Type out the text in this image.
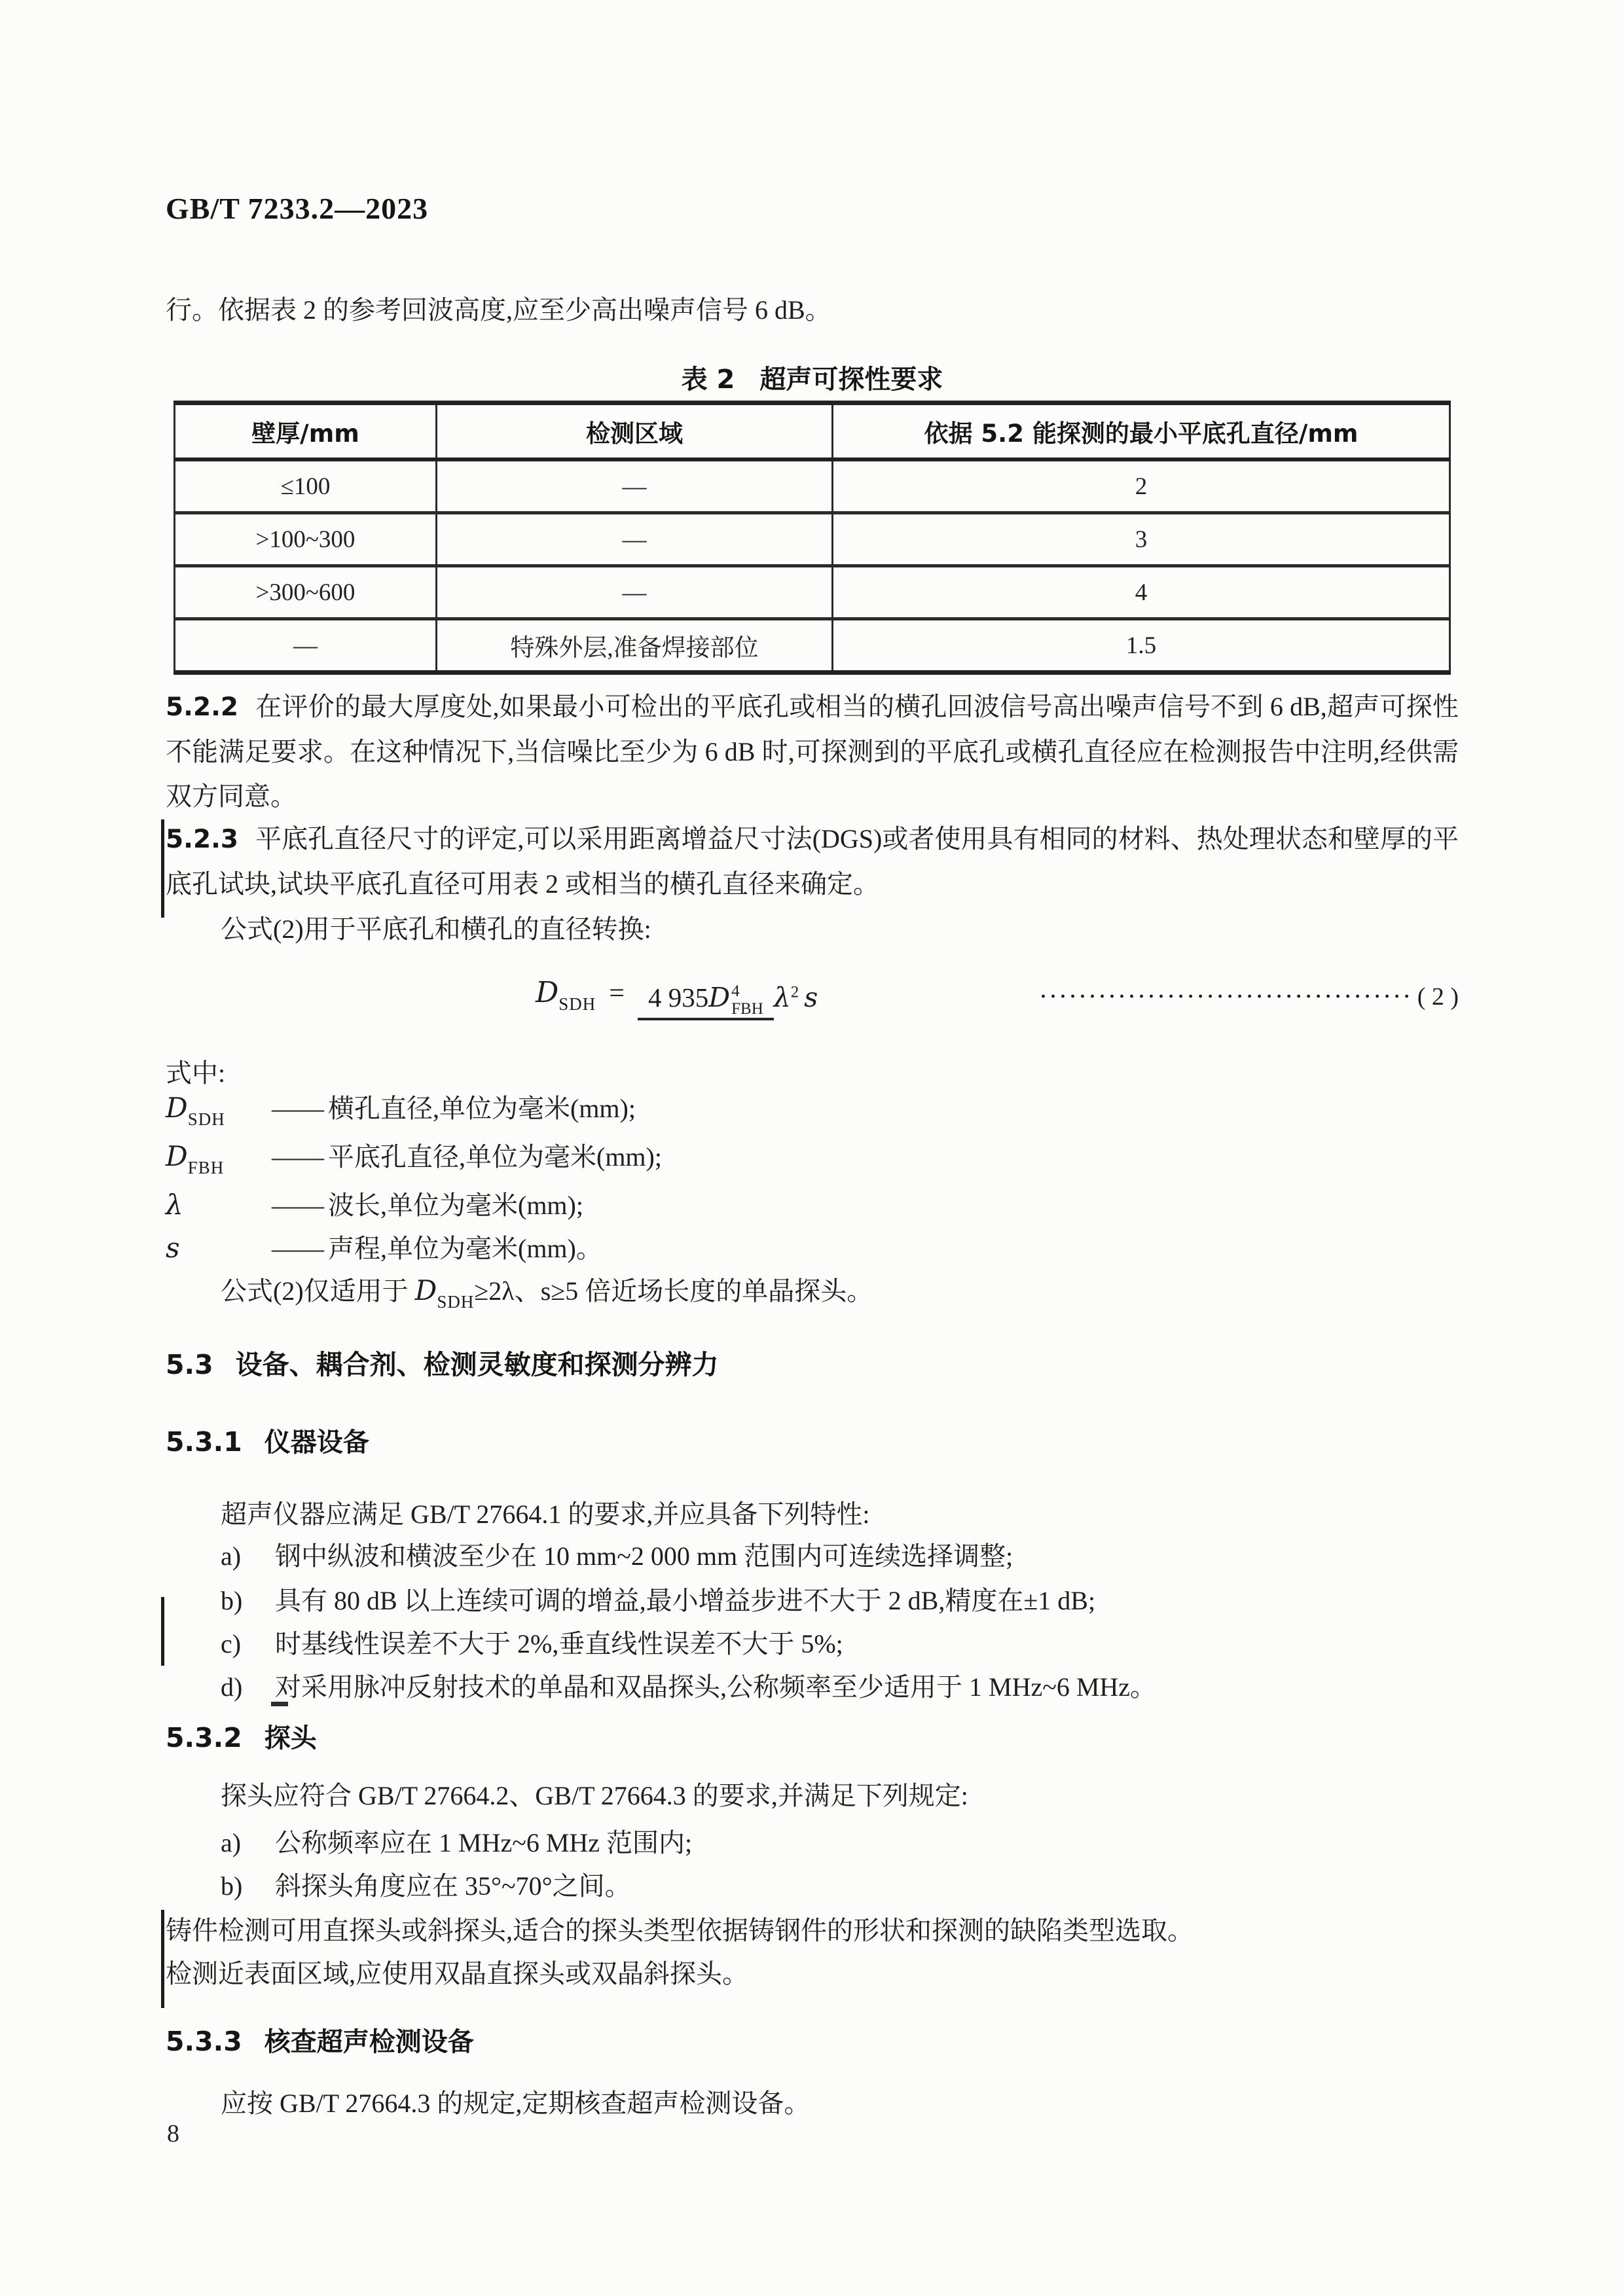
GB/T 7233.2—2023
行。依据表 2 的参考回波高度,应至少高出噪声信号 6 dB。
表 2 超声可探性要求
壁厚/mm	检测区域	依据 5.2 能探测的最小平底孔直径/mm
≤100	—	2
>100~300	—	3
>300~600	—	4
—	特殊外层,准备焊接部位	1.5
5.2.2 在评价的最大厚度处,如果最小可检出的平底孔或相当的横孔回波信号高出噪声信号不到 6 dB,超声可探性不能满足要求。在这种情况下,当信噪比至少为 6 dB 时,可探测到的平底孔或横孔直径应在检测报告中注明,经供需双方同意。
5.2.3 平底孔直径尺寸的评定,可以采用距离增益尺寸法(DGS)或者使用具有相同的材料、热处理状态和壁厚的平底孔试块,试块平底孔直径可用表 2 或相当的横孔直径来确定。
公式(2)用于平底孔和横孔的直径转换:
$D_{SDH} = 4$ 935D 4
FBH $\lambda^2$ s	······································ ( 2 )
式中:
$D_{SDH}$ —— 横孔直径,单位为毫米(mm);
$D_{FBH}$ —— 平底孔直径,单位为毫米(mm);
λ	—— 波长,单位为毫米(mm);
s	—— 声程,单位为毫米(mm)。
公式(2)仅适用于 $D_{SDH}\ge 2\lambda$、s≥5 倍近场长度的单晶探头。
5.3 设备、耦合剂、检测灵敏度和探测分辨力
5.3.1 仪器设备
超声仪器应满足 GB/T 27664.1 的要求,并应具备下列特性:
a) 钢中纵波和横波至少在 10 mm~2 000 mm 范围内可连续选择调整;
b) 具有 80 dB 以上连续可调的增益,最小增益步进不大于 2 dB,精度在±1 dB;
c) 时基线性误差不大于 2%,垂直线性误差不大于 5%;
d) 对采用脉冲反射技术的单晶和双晶探头,公称频率至少适用于 1 MHz~6 MHz。
5.3.2 探头
探头应符合 GB/T 27664.2、GB/T 27664.3 的要求,并满足下列规定:
a) 公称频率应在 1 MHz~6 MHz 范围内;
b) 斜探头角度应在 35°~70°之间。
铸件检测可用直探头或斜探头,适合的探头类型依据铸钢件的形状和探测的缺陷类型选取。
检测近表面区域,应使用双晶直探头或双晶斜探头。
5.3.3 核查超声检测设备
应按 GB/T 27664.3 的规定,定期核查超声检测设备。
8
